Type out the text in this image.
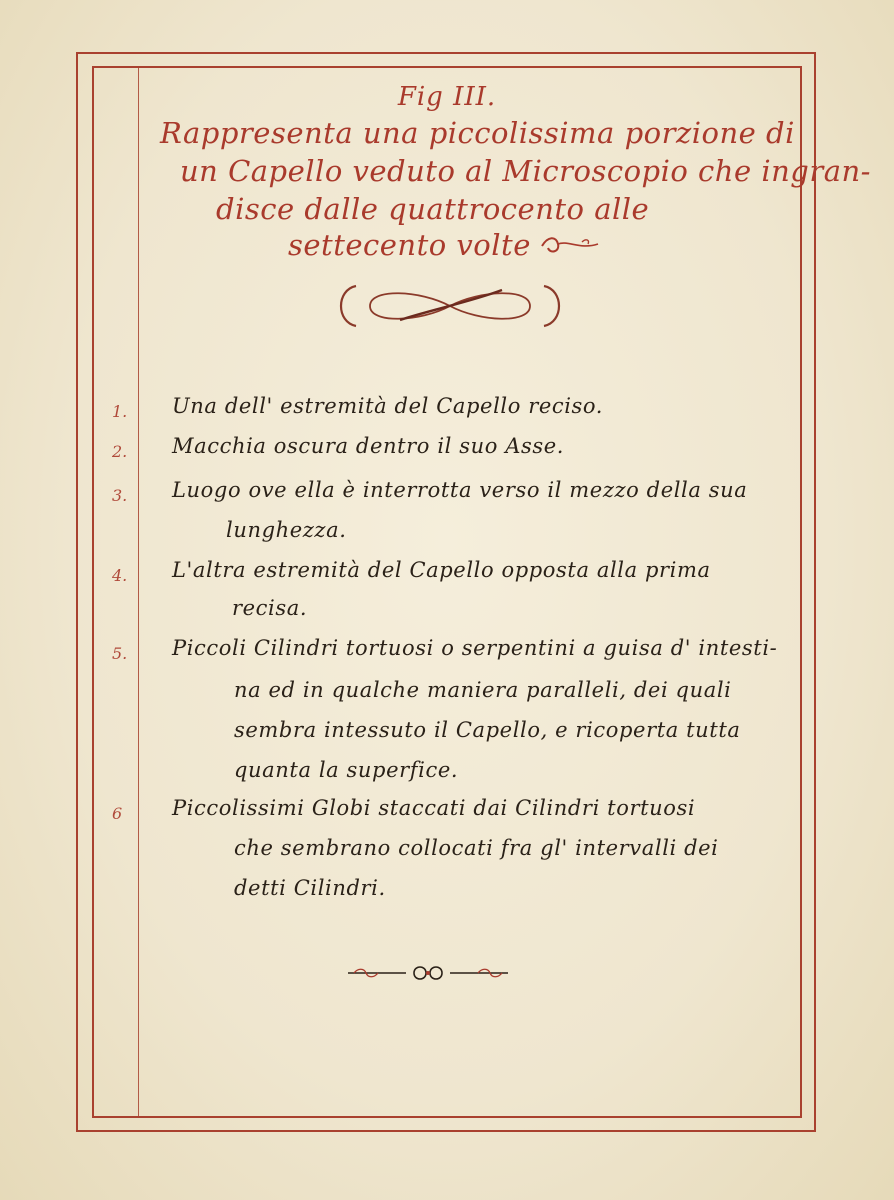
Fig III.
Rappresenta una piccolissima porzione di
un Capello veduto al Microscopio che ingran-
disce dalle quattrocento alle
settecento volte
1. Una dell' estremità del Capello reciso.
2. Macchia oscura dentro il suo Asse.
3. Luogo ove ella è interrotta verso il mezzo della sua
lunghezza.
4. L'altra estremità del Capello opposta alla prima
recisa.
5. Piccoli Cilindri tortuosi o serpentini a guisa d' intesti-
na ed in qualche maniera paralleli, dei quali
sembra intessuto il Capello, e ricoperta tutta
quanta la superfice.
6 Piccolissimi Globi staccati dai Cilindri tortuosi
che sembrano collocati fra gl' intervalli dei
detti Cilindri.
